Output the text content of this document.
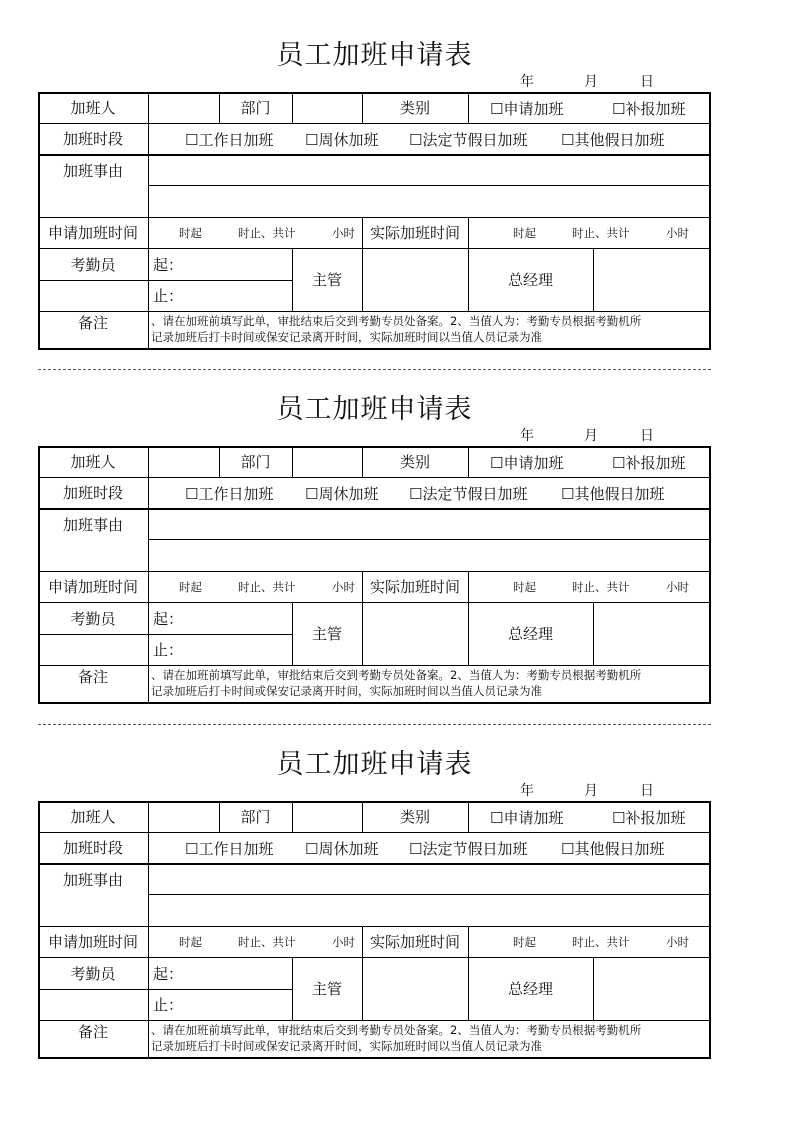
员工加班申请表
年	月	日
加班人	部门	类别	☐申请加班	☐补报加班
加班时段	☐工作日加班 ☐周休加班 ☐法定节假日加班 ☐其他假日加班
加班事由
申请加班时间	时起	时止、共计	小时 实际加班时间	时起	时止、共计	小时
考勤员	起：
止：
主管	总经理
备注	、请在加班前填写此单，审批结束后交到考勤专员处备案。2、当值人为：考勤专员根据考勤机所
记录加班后打卡时间或保安记录离开时间，实际加班时间以当值人员记录为准
员工加班申请表
年	月	日
加班人	部门	类别	☐申请加班	☐补报加班
加班时段	☐工作日加班 ☐周休加班 ☐法定节假日加班 ☐其他假日加班
加班事由
申请加班时间	时起	时止、共计	小时 实际加班时间	时起	时止、共计	小时
考勤员	起：
止：
主管	总经理
备注	、请在加班前填写此单，审批结束后交到考勤专员处备案。2、当值人为：考勤专员根据考勤机所
记录加班后打卡时间或保安记录离开时间，实际加班时间以当值人员记录为准
员工加班申请表
年	月	日
加班人	部门	类别	☐申请加班	☐补报加班
加班时段	☐工作日加班 ☐周休加班 ☐法定节假日加班 ☐其他假日加班
加班事由
申请加班时间	时起	时止、共计	小时 实际加班时间	时起	时止、共计	小时
考勤员	起：
止：
主管	总经理
备注	、请在加班前填写此单，审批结束后交到考勤专员处备案。2、当值人为：考勤专员根据考勤机所
记录加班后打卡时间或保安记录离开时间，实际加班时间以当值人员记录为准
